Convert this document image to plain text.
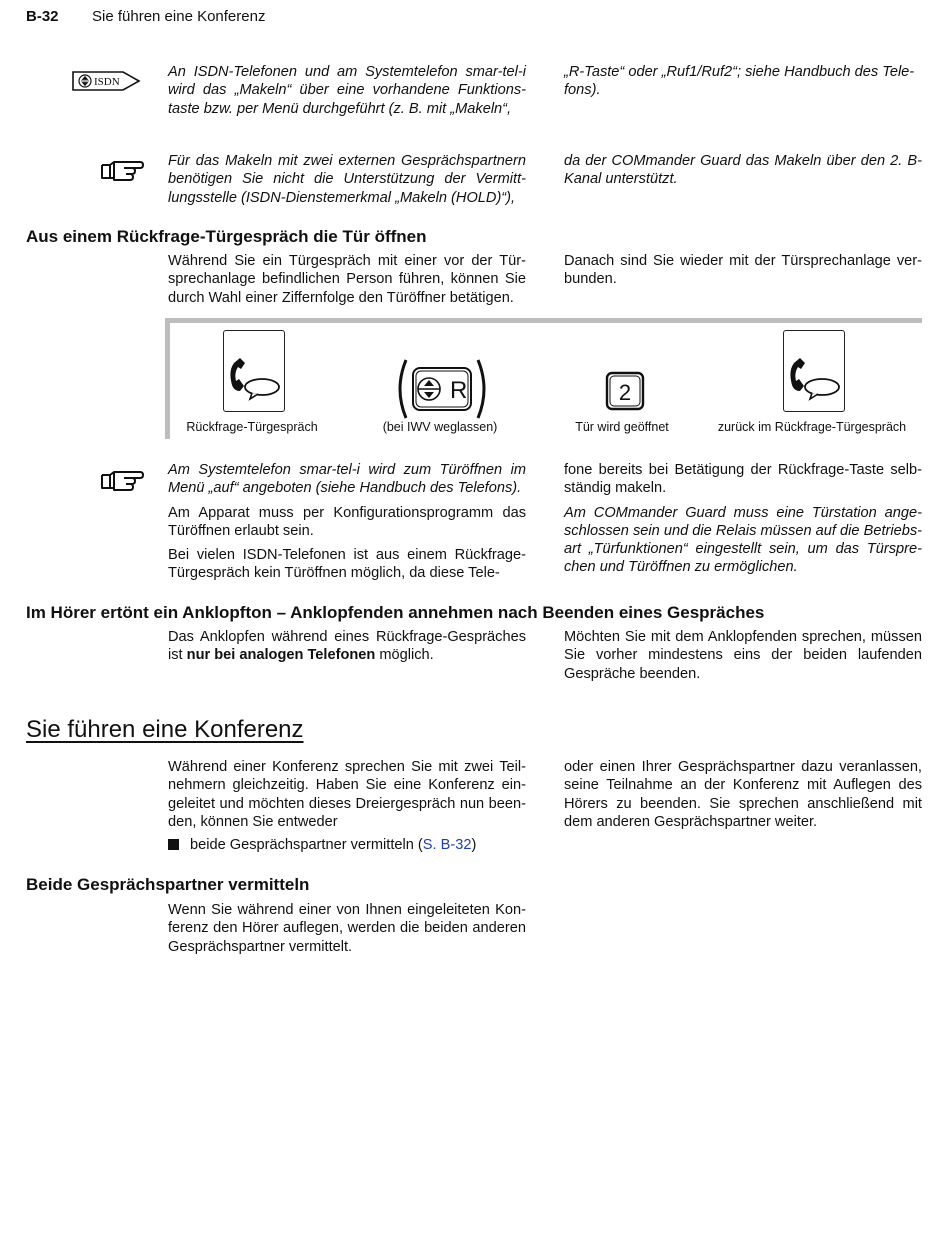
B-32 Sie führen eine Konferenz
ISDN
An ISDN-Telefonen und am Systemtelefon smar-tel-i wird das „Makeln“ über eine vorhandene Funktions-taste bzw. per Menü durchgeführt (z. B. mit „Makeln“,
„R-Taste“ oder „Ruf1/Ruf2“; siehe Handbuch des Tele-fons).
Für das Makeln mit zwei externen Gesprächspartnern benötigen Sie nicht die Unterstützung der Vermitt-lungsstelle (ISDN-Dienstemerkmal „Makeln (HOLD)“),
da der COMmander Guard das Makeln über den 2. B-Kanal unterstützt.
Aus einem Rückfrage-Türgespräch die Tür öffnen
Während Sie ein Türgespräch mit einer vor der Tür-sprechanlage befindlichen Person führen, können Sie durch Wahl einer Ziffernfolge den Türöffner betätigen.
Danach sind Sie wieder mit der Türsprechanlage ver-bunden.
Rückfrage-Türgespräch
R
(bei IWV weglassen)
2
Tür wird geöffnet	zurück im Rückfrage-Türgespräch

Am Systemtelefon smar-tel-i wird zum Türöffnen im Menü „auf“ angeboten (siehe Handbuch des Telefons).

Am Apparat muss per Konfigurationsprogramm das Türöffnen erlaubt sein.

Bei vielen ISDN-Telefonen ist aus einem Rückfrage-Türgespräch kein Türöffnen möglich, da diese Tele-

fone bereits bei Betätigung der Rückfrage-Taste selb-ständig makeln.

Am COMmander Guard muss eine Türstation ange-schlossen sein und die Relais müssen auf die Betriebs-art „Türfunktionen“ eingestellt sein, um das Türspre-chen und Türöffnen zu ermöglichen.

Im Hörer ertönt ein Anklopfton – Anklopfenden annehmen nach Beenden eines Gespräches
Das Anklopfen während eines Rückfrage-Gespräches ist nur bei analogen Telefonen möglich.
Möchten Sie mit dem Anklopfenden sprechen, müssen Sie vorher mindestens eins der beiden laufenden Gespräche beenden.
Sie führen eine Konferenz
Während einer Konferenz sprechen Sie mit zwei Teil-nehmern gleichzeitig. Haben Sie eine Konferenz ein-geleitet und möchten dieses Dreiergespräch nun been-den, können Sie entweder
oder einen Ihrer Gesprächspartner dazu veranlassen, seine Teilnahme an der Konferenz mit Auflegen des Hörers zu beenden. Sie sprechen anschließend mit dem anderen Gesprächspartner weiter.
beide Gesprächspartner vermitteln (S. B-32)
Beide Gesprächspartner vermitteln
Wenn Sie während einer von Ihnen eingeleiteten Kon-ferenz den Hörer auflegen, werden die beiden anderen Gesprächspartner vermittelt.
